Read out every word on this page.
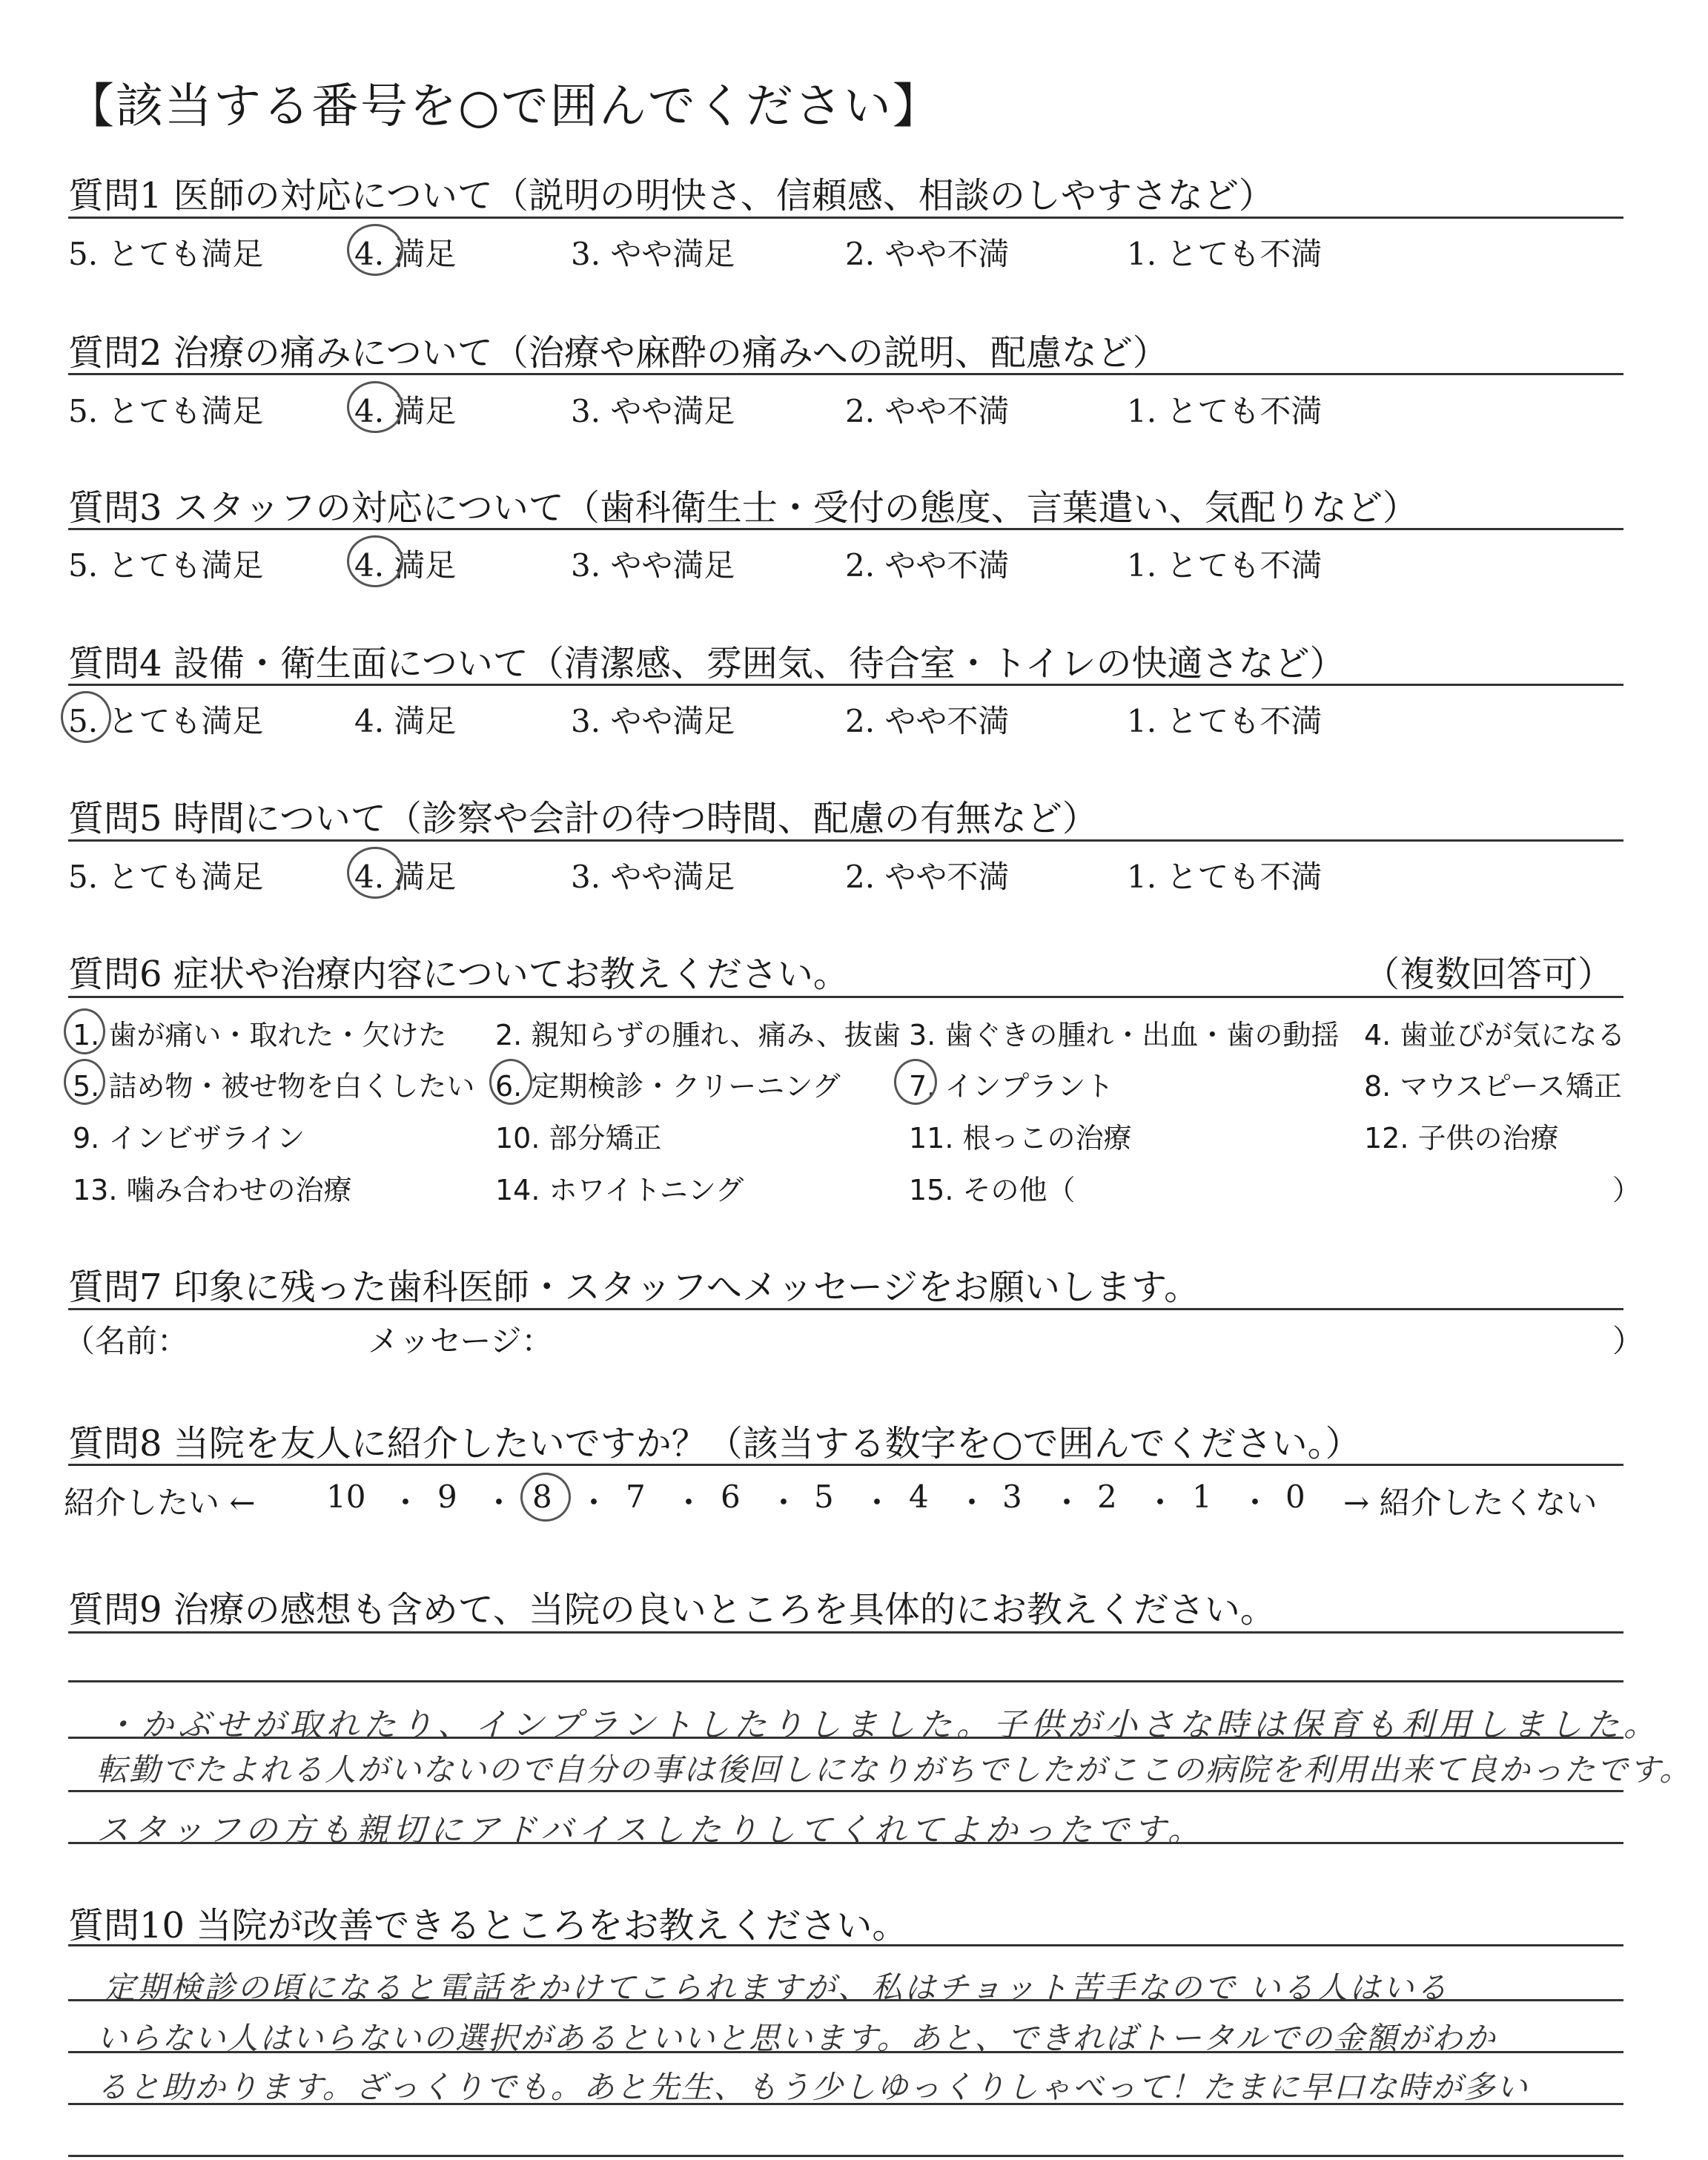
【該当する番号を○で囲んでください】
質問1 医師の対応について（説明の明快さ、信頼感、相談のしやすさなど）
5. とても満足	4. 満足	3. やや満足	2. やや不満	1. とても不満
質問2 治療の痛みについて（治療や麻酔の痛みへの説明、配慮など）
5. とても満足	4. 満足	3. やや満足	2. やや不満	1. とても不満
質問3 スタッフの対応について（歯科衛生士・受付の態度、言葉遣い、気配りなど）
5. とても満足	4. 満足	3. やや満足	2. やや不満	1. とても不満
質問4 設備・衛生面について（清潔感、雰囲気、待合室・トイレの快適さなど）
5. とても満足	4. 満足	3. やや満足	2. やや不満	1. とても不満
質問5 時間について（診察や会計の待つ時間、配慮の有無など）
5. とても満足	4. 満足	3. やや満足	2. やや不満	1. とても不満
質問6 症状や治療内容についてお教えください。	（複数回答可）
1. 歯が痛い・取れた・欠けた 2. 親知らずの腫れ、痛み、抜歯 3. 歯ぐきの腫れ・出血・歯の動揺 4. 歯並びが気になる
5. 詰め物・被せ物を白くしたい 6. 定期検診・クリーニング 7. インプラント	8. マウスピース矯正
9. インビザライン	10. 部分矯正	11. 根っこの治療	12. 子供の治療
13. 噛み合わせの治療	14. ホワイトニング	15. その他（	）
質問7 印象に残った歯科医師・スタッフへメッセージをお願いします。
（名前：	メッセージ：	）
質問8 当院を友人に紹介したいですか？（該当する数字を○で囲んでください。）
紹介したい ← 10 ・ 9 ・ 8 ・ 7 ・ 6 ・ 5 ・ 4 ・ 3 ・ 2 ・ 1 ・ 0 → 紹介したくない
質問9 治療の感想も含めて、当院の良いところを具体的にお教えください。
・かぶせが取れたり、インプラントしたりしました。子供が小さな時は保育も利用しました。
転勤でたよれる人がいないので自分の事は後回しになりがちでしたがここの病院を利用出来て良かったです。
スタッフの方も親切にアドバイスしたりしてくれてよかったです。
質問10 当院が改善できるところをお教えください。
定期検診の頃になると電話をかけてこられますが、私はチョット苦手なので いる人はいる
いらない人はいらないの選択があるといいと思います。あと、できればトータルでの金額がわか
ると助かります。ざっくりでも。あと先生、もう少しゆっくりしゃべって！たまに早口な時が多い
